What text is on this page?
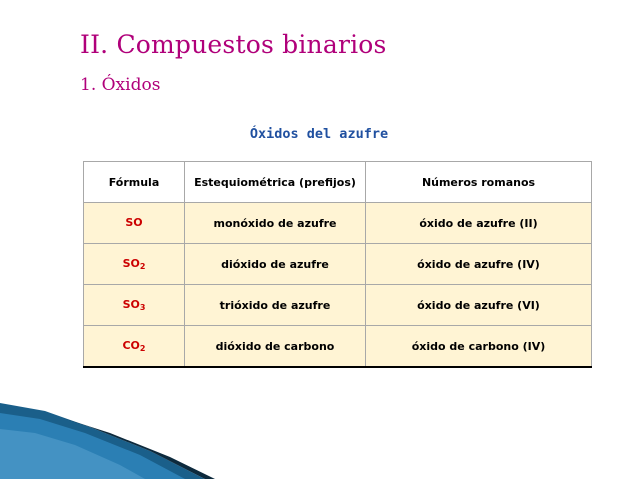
II. Compuestos binarios
1. Óxidos
Óxidos del azufre
Fórmula	Estequiométrica (prefijos)	Números romanos
SO	monóxido de azufre	óxido de azufre (II)
$SO_2$	dióxido de azufre	óxido de azufre (IV)
$SO_3$	trióxido de azufre	óxido de azufre (VI)
$CO_2$	dióxido de carbono	óxido de carbono (IV)
